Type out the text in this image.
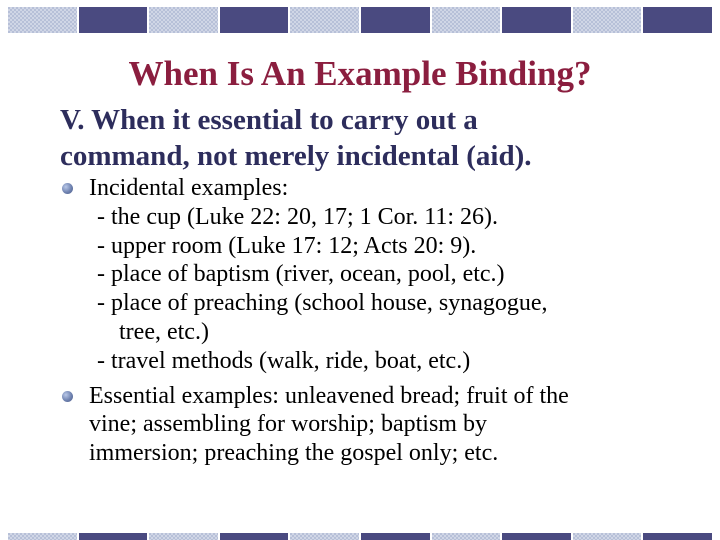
When Is An Example Binding?
V. When it essential to carry out a
command, not merely incidental (aid).
Incidental examples:
- the cup (Luke 22: 20, 17; 1 Cor. 11: 26).
- upper room (Luke 17: 12; Acts 20: 9).
- place of baptism (river, ocean, pool, etc.)
- place of preaching (school house, synagogue,
tree, etc.)
- travel methods (walk, ride, boat, etc.)
Essential examples: unleavened bread; fruit of the
vine; assembling for worship; baptism by
immersion; preaching the gospel only; etc.
